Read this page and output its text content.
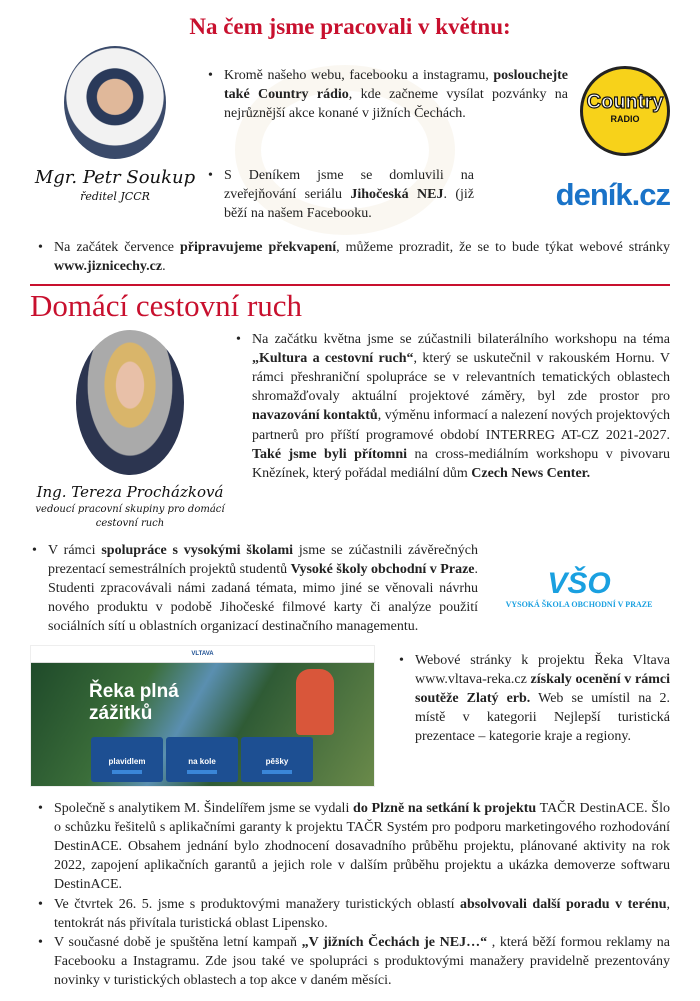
Na čem jsme pracovali v květnu:
Mgr. Petr Soukup
ředitel JCCR
• Kromě našeho webu, facebooku a instagramu, poslouchejte také Country rádio, kde začneme vysílat pozvánky na nejrůznější akce konané v jižních Čechách.
Country
RADIO
• S Deníkem jsme se domluvili na zveřejňování seriálu Jihočeská NEJ. (již běží na našem Facebooku.
deník.cz
• Na začátek července připravujeme překvapení, můžeme prozradit, že se to bude týkat webové stránky www.jiznicechy.cz.
Domácí cestovní ruch
Ing. Tereza Procházková
vedoucí pracovní skupiny pro domácí cestovní ruch
• Na začátku května jsme se zúčastnili bilaterálního workshopu na téma „Kultura a cestovní ruch“, který se uskutečnil v rakouském Hornu. V rámci přeshraniční spolupráce se v relevantních tematických oblastech shromažďovaly aktuální projektové záměry, byl zde prostor pro navazování kontaktů, výměnu informací a nalezení nových projektových partnerů pro příští programové období INTERREG AT-CZ 2021-2027. Také jsme byli přítomni na cross-mediálním workshopu v pivovaru Knězínek, který pořádal mediální dům Czech News Center.
• V rámci spolupráce s vysokými školami jsme se zúčastnili závěrečných prezentací semestrálních projektů studentů Vysoké školy obchodní v Praze. Studenti zpracovávali námi zadaná témata, mimo jiné se věnovali návrhu nového produktu v podobě Jihočeské filmové karty či analýze použití sociálních sítí u oblastních organizací destinačního managementu.
VŠO
VYSOKÁ ŠKOLA OBCHODNÍ V PRAZE
VLTAVA
Řeka plná
zážitků
plavidlem	na kole	pěšky
• Webové stránky k projektu Řeka Vltava www.vltava-reka.cz získaly ocenění v rámci soutěže Zlatý erb. Web se umístil na 2. místě v kategorii Nejlepší turistická prezentace – kategorie kraje a regiony.
• Společně s analytikem M. Šindelířem jsme se vydali do Plzně na setkání k projektu TAČR DestinACE. Šlo o schůzku řešitelů s aplikačními garanty k projektu TAČR Systém pro podporu marketingového rozhodování DestinACE. Obsahem jednání bylo zhodnocení dosavadního průběhu projektu, plánované aktivity na rok 2022, zapojení aplikačních garantů a jejich role v dalším průběhu projektu a ukázka demoverze softwaru DestinACE.
• Ve čtvrtek 26. 5. jsme s produktovými manažery turistických oblastí absolvovali další poradu v terénu, tentokrát nás přivítala turistická oblast Lipensko.
• V současné době je spuštěna letní kampaň „V jižních Čechách je NEJ…“ , která běží formou reklamy na Facebooku a Instagramu. Zde jsou také ve spolupráci s produktovými manažery pravidelně prezentovány novinky v turistických oblastech a top akce v daném měsíci.
